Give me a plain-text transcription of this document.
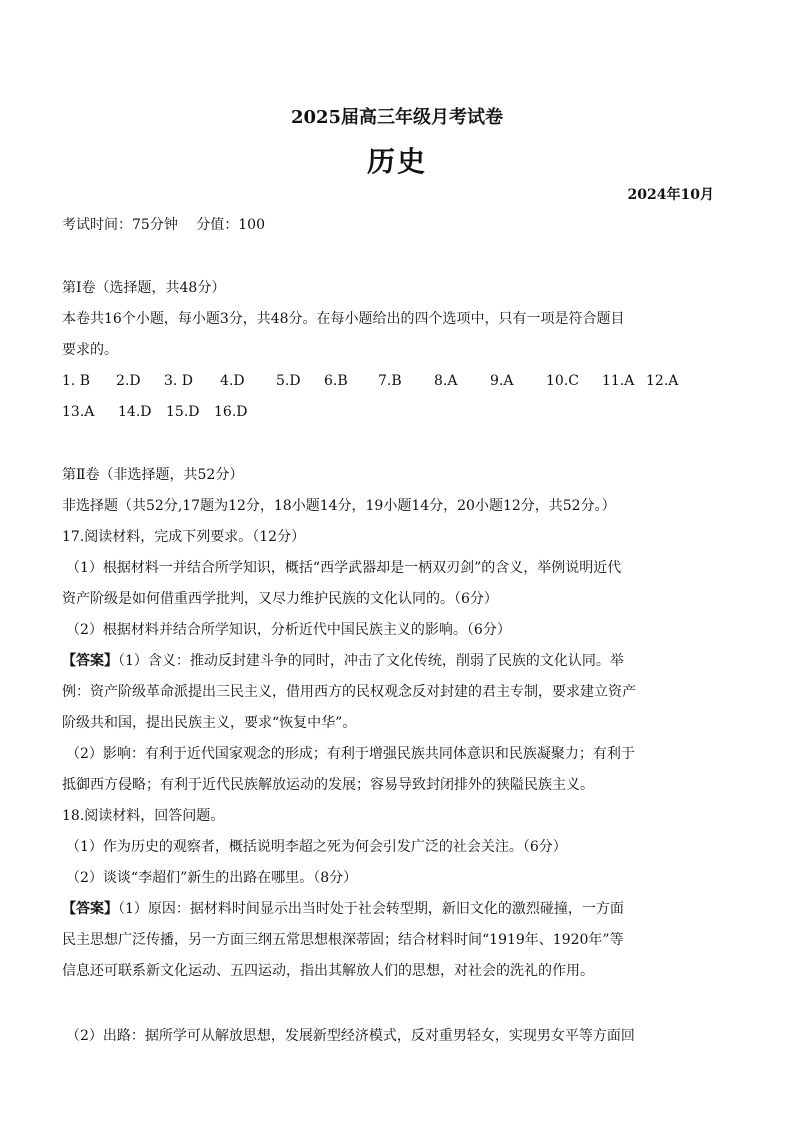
2025届高三年级月考试卷
历史
2024年10月
考试时间：75分钟　 分值：100
第Ⅰ卷（选择题，共48分）
本卷共16个小题，每小题3分，共48分。在每小题给出的四个选项中，只有一项是符合题目
要求的。
1. B 2.D 3. D 4.D 5.D 6.B 7.B 8.A 9.A 10.C 11.A 12.A
13.A 14.D 15.D 16.D
第Ⅱ卷（非选择题，共52分）
非选择题（共52分,17题为12分，18小题14分，19小题14分，20小题12分，共52分。）
17.阅读材料，完成下列要求。（12分）
（1）根据材料一并结合所学知识，概括“西学武器却是一柄双刃剑”的含义，举例说明近代
资产阶级是如何借重西学批判，又尽力维护民族的文化认同的。（6分）
（2）根据材料并结合所学知识，分析近代中国民族主义的影响。（6分）
【答案】（1）含义：推动反封建斗争的同时，冲击了文化传统，削弱了民族的文化认同。举
例：资产阶级革命派提出三民主义，借用西方的民权观念反对封建的君主专制，要求建立资产
阶级共和国，提出民族主义，要求“恢复中华”。
（2）影响：有利于近代国家观念的形成；有利于增强民族共同体意识和民族凝聚力；有利于
抵御西方侵略；有利于近代民族解放运动的发展；容易导致封闭排外的狭隘民族主义。
18.阅读材料，回答问题。
（1）作为历史的观察者，概括说明李超之死为何会引发广泛的社会关注。（6分）
（2）谈谈“李超们”新生的出路在哪里。（8分）
【答案】（1）原因：据材料时间显示出当时处于社会转型期，新旧文化的激烈碰撞，一方面
民主思想广泛传播，另一方面三纲五常思想根深蒂固；结合材料时间“1919年、1920年”等
信息还可联系新文化运动、五四运动，指出其解放人们的思想，对社会的洗礼的作用。
（2）出路：据所学可从解放思想，发展新型经济模式，反对重男轻女，实现男女平等方面回
